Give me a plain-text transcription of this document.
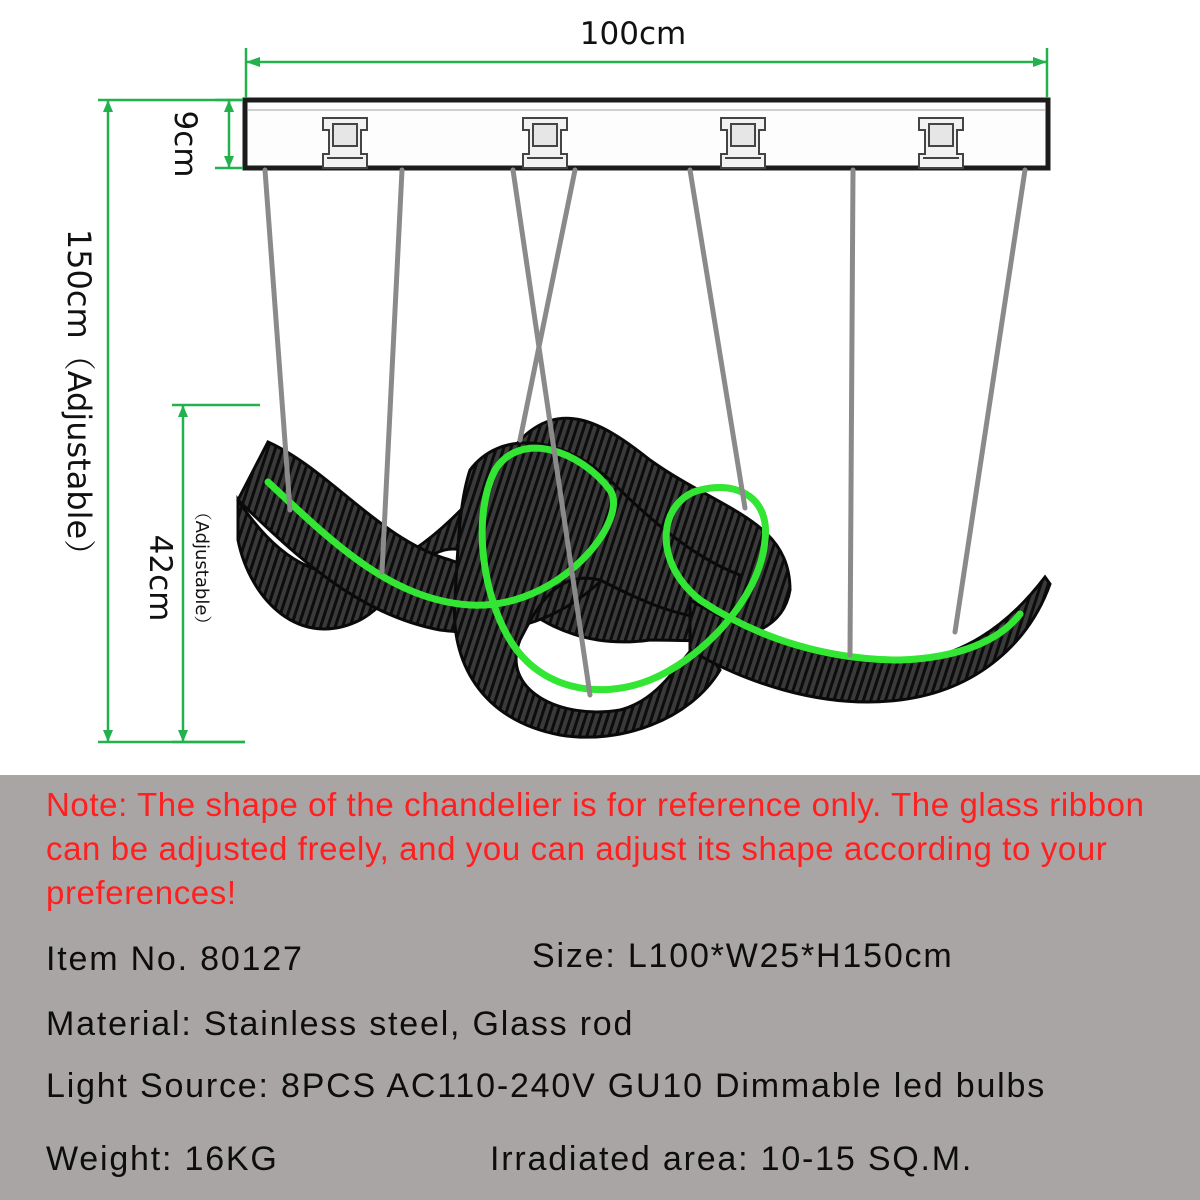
100cm
9cm
150cm（Adjustable）
42cm （Adjustable）

Note: The shape of the chandelier is for reference only. The glass ribbon can be adjusted freely, and you can adjust its shape according to your preferences!

Item No. 80127	Size: L100*W25*H150cm

Material: Stainless steel, Glass rod

Light Source: 8PCS AC110-240V GU10 Dimmable led bulbs

Weight: 16KG	Irradiated area: 10-15 SQ.M.
